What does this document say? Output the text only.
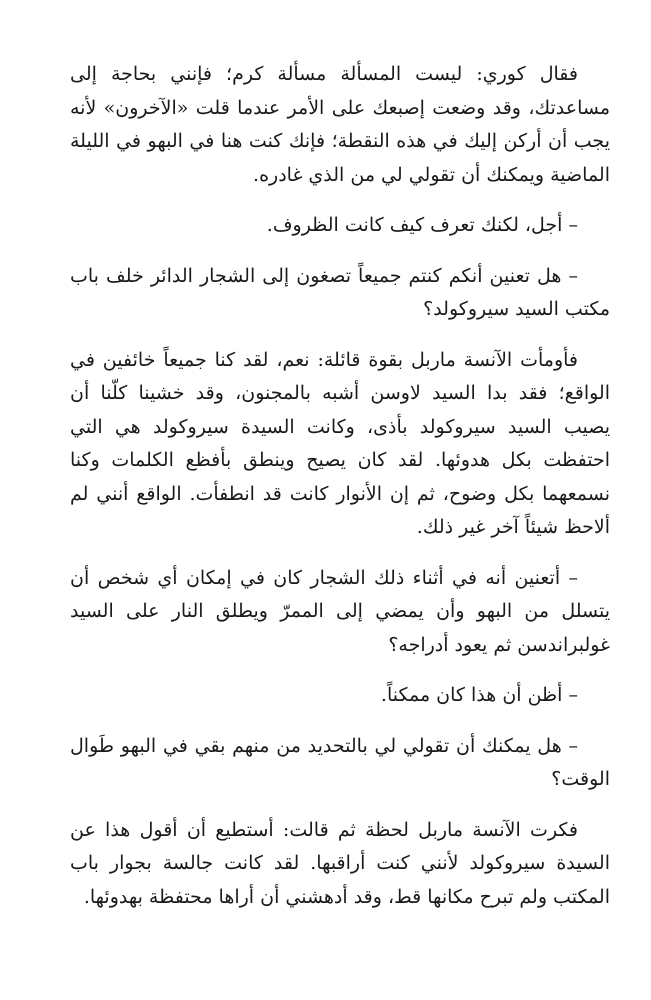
فقال كوري: ليست المسألة مسألة كرم؛ فإنني بحاجة إلى مساعدتك، وقد وضعت إصبعك على الأمر عندما قلت «الآخرون» لأنه يجب أن أركن إليك في هذه النقطة؛ فإنك كنت هنا في البهو في الليلة الماضية ويمكنك أن تقولي لي من الذي غادره.

– أجل، لكنك تعرف كيف كانت الظروف.

– هل تعنين أنكم كنتم جميعاً تصغون إلى الشجار الدائر خلف باب مكتب السيد سيروكولد؟

فأومأت الآنسة ماربل بقوة قائلة: نعم، لقد كنا جميعاً خائفين في الواقع؛ فقد بدا السيد لاوسن أشبه بالمجنون، وقد خشينا كلّنا أن يصيب السيد سيروكولد بأذى، وكانت السيدة سيروكولد هي التي احتفظت بكل هدوئها. لقد كان يصيح وينطق بأفظع الكلمات وكنا نسمعهما بكل وضوح، ثم إن الأنوار كانت قد انطفأت. الواقع أنني لم ألاحظ شيئاً آخر غير ذلك.

– أتعنين أنه في أثناء ذلك الشجار كان في إمكان أي شخص أن يتسلل من البهو وأن يمضي إلى الممرّ ويطلق النار على السيد غولبراندسن ثم يعود أدراجه؟

– أظن أن هذا كان ممكناً.

– هل يمكنك أن تقولي لي بالتحديد من منهم بقي في البهو طَوال الوقت؟

فكرت الآنسة ماربل لحظة ثم قالت: أستطيع أن أقول هذا عن السيدة سيروكولد لأنني كنت أراقبها. لقد كانت جالسة بجوار باب المكتب ولم تبرح مكانها قط، وقد أدهشني أن أراها محتفظة بهدوئها.
